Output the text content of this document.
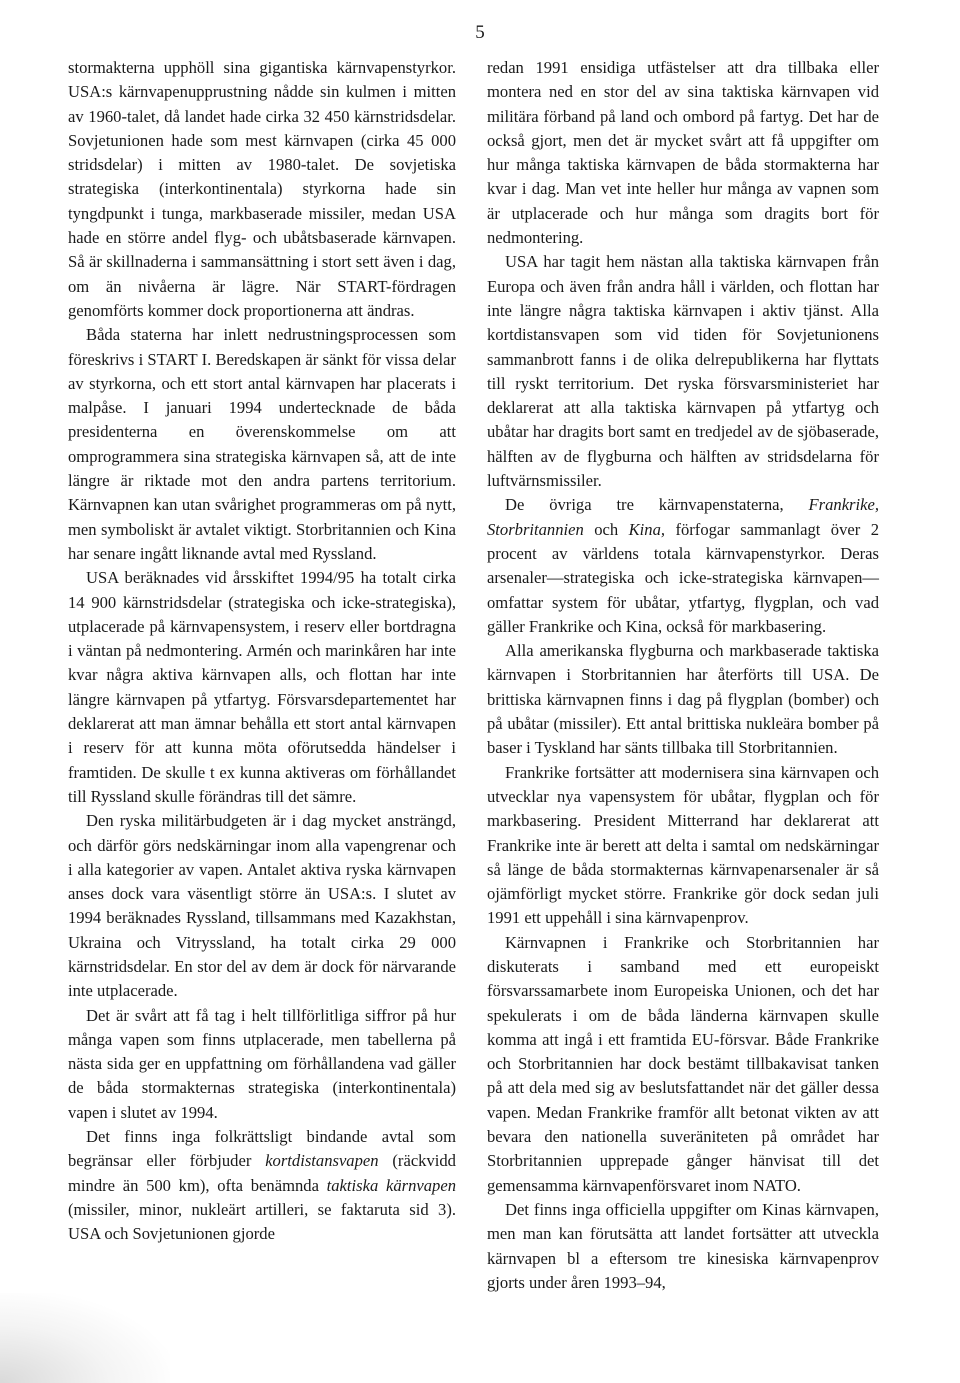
5

stormakterna upphöll sina gigantiska kärnvapenstyrkor. USA:s kärnvapenupprustning nådde sin kulmen i mitten av 1960-talet, då landet hade cirka 32 450 kärnstridsdelar. Sovjetunionen hade som mest kärnvapen (cirka 45 000 stridsdelar) i mitten av 1980-talet. De sovjetiska strategiska (interkontinentala) styrkorna hade sin tyngdpunkt i tunga, markbaserade missiler, medan USA hade en större andel flyg- och ubåtsbaserade kärnvapen. Så är skillnaderna i sammansättning i stort sett även i dag, om än nivåerna är lägre. När START-fördragen genomförts kommer dock proportionerna att ändras.

Båda staterna har inlett nedrustningsprocessen som föreskrivs i START I. Beredskapen är sänkt för vissa delar av styrkorna, och ett stort antal kärnvapen har placerats i malpåse. I januari 1994 undertecknade de båda presidenterna en överenskommelse om att omprogrammera sina strategiska kärnvapen så, att de inte längre är riktade mot den andra partens territorium. Kärnvapnen kan utan svårighet programmeras om på nytt, men symboliskt är avtalet viktigt. Storbritannien och Kina har senare ingått liknande avtal med Ryssland.

USA beräknades vid årsskiftet 1994/95 ha totalt cirka 14 900 kärnstridsdelar (strategiska och icke-strategiska), utplacerade på kärnvapensystem, i reserv eller bortdragna i väntan på nedmontering. Armén och marinkåren har inte kvar några aktiva kärnvapen alls, och flottan har inte längre kärnvapen på ytfartyg. Försvarsdepartementet har deklarerat att man ämnar behålla ett stort antal kärnvapen i reserv för att kunna möta oförutsedda händelser i framtiden. De skulle t ex kunna aktiveras om förhållandet till Ryssland skulle förändras till det sämre.

Den ryska militärbudgeten är i dag mycket ansträngd, och därför görs nedskärningar inom alla vapengrenar och i alla kategorier av vapen. Antalet aktiva ryska kärnvapen anses dock vara väsentligt större än USA:s. I slutet av 1994 beräknades Ryssland, tillsammans med Kazakhstan, Ukraina och Vitryssland, ha totalt cirka 29 000 kärnstridsdelar. En stor del av dem är dock för närvarande inte utplacerade.

Det är svårt att få tag i helt tillförlitliga siffror på hur många vapen som finns utplacerade, men tabellerna på nästa sida ger en uppfattning om förhållandena vad gäller de båda stormakternas strategiska (interkontinentala) vapen i slutet av 1994.

Det finns inga folkrättsligt bindande avtal som begränsar eller förbjuder kortdistansvapen (räckvidd mindre än 500 km), ofta benämnda taktiska kärnvapen (missiler, minor, nukleärt artilleri, se faktaruta sid 3). USA och Sovjetunionen gjorde

redan 1991 ensidiga utfästelser att dra tillbaka eller montera ned en stor del av sina taktiska kärnvapen vid militära förband på land och ombord på fartyg. Det har de också gjort, men det är mycket svårt att få uppgifter om hur många taktiska kärnvapen de båda stormakterna har kvar i dag. Man vet inte heller hur många av vapnen som är utplacerade och hur många som dragits bort för nedmontering.

USA har tagit hem nästan alla taktiska kärnvapen från Europa och även från andra håll i världen, och flottan har inte längre några taktiska kärnvapen i aktiv tjänst. Alla kortdistansvapen som vid tiden för Sovjetunionens sammanbrott fanns i de olika delrepublikerna har flyttats till ryskt territorium. Det ryska försvarsministeriet har deklarerat att alla taktiska kärnvapen på ytfartyg och ubåtar har dragits bort samt en tredjedel av de sjöbaserade, hälften av de flygburna och hälften av stridsdelarna för luftvärnsmissiler.

De övriga tre kärnvapenstaterna, Frankrike, Storbritannien och Kina, förfogar sammanlagt över 2 procent av världens totala kärnvapenstyrkor. Deras arsenaler—strategiska och icke-strategiska kärnvapen—omfattar system för ubåtar, ytfartyg, flygplan, och vad gäller Frankrike och Kina, också för markbasering.

Alla amerikanska flygburna och markbaserade taktiska kärnvapen i Storbritannien har återförts till USA. De brittiska kärnvapnen finns i dag på flygplan (bomber) och på ubåtar (missiler). Ett antal brittiska nukleära bomber på baser i Tyskland har sänts tillbaka till Storbritannien.

Frankrike fortsätter att modernisera sina kärnvapen och utvecklar nya vapensystem för ubåtar, flygplan och för markbasering. President Mitterrand har deklarerat att Frankrike inte är berett att delta i samtal om nedskärningar så länge de båda stormakternas kärnvapenarsenaler är så ojämförligt mycket större. Frankrike gör dock sedan juli 1991 ett uppehåll i sina kärnvapenprov.

Kärnvapnen i Frankrike och Storbritannien har diskuterats i samband med ett europeiskt försvarssamarbete inom Europeiska Unionen, och det har spekulerats i om de båda länderna kärnvapen skulle komma att ingå i ett framtida EU-försvar. Både Frankrike och Storbritannien har dock bestämt tillbakavisat tanken på att dela med sig av beslutsfattandet när det gäller dessa vapen. Medan Frankrike framför allt betonat vikten av att bevara den nationella suveräniteten på området har Storbritannien upprepade gånger hänvisat till det gemensamma kärnvapenförsvaret inom NATO.

Det finns inga officiella uppgifter om Kinas kärnvapen, men man kan förutsätta att landet fortsätter att utveckla kärnvapen bl a eftersom tre kinesiska kärnvapenprov gjorts under åren 1993–94,
